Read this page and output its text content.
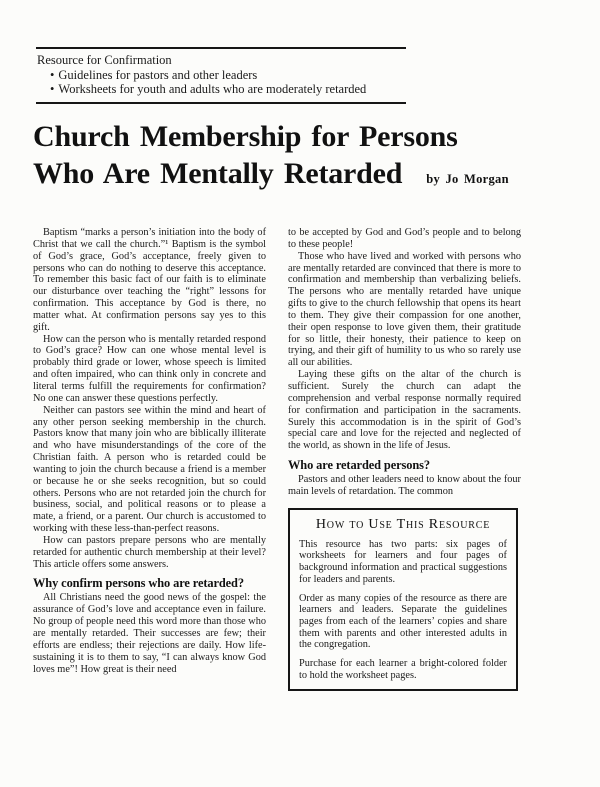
Resource for Confirmation
• Guidelines for pastors and other leaders
• Worksheets for youth and adults who are moderately retarded
Church Membership for Persons
Who Are Mentally Retarded by Jo Morgan

Baptism “marks a person’s initiation into the body of Christ that we call the church.”¹ Baptism is the symbol of God’s grace, God’s acceptance, freely given to persons who can do nothing to deserve this acceptance. To remember this basic fact of our faith is to eliminate our disturbance over teaching the “right” lessons for confirmation. This acceptance by God is there, no matter what. At confirmation persons say yes to this gift.

How can the person who is mentally retarded respond to God’s grace? How can one whose mental level is probably third grade or lower, whose speech is limited and often impaired, who can think only in concrete and literal terms fulfill the requirements for confirmation? No one can answer these questions perfectly.

Neither can pastors see within the mind and heart of any other person seeking membership in the church. Pastors know that many join who are biblically illiterate and who have misunderstandings of the core of the Christian faith. A person who is retarded could be wanting to join the church because a friend is a member or because he or she seeks recognition, but so could others. Persons who are not retarded join the church for business, social, and political reasons or to please a mate, a friend, or a parent. Our church is accustomed to working with these less-than-perfect reasons.

How can pastors prepare persons who are mentally retarded for authentic church membership at their level? This article offers some answers.

Why confirm persons who are retarded?

All Christians need the good news of the gospel: the assurance of God’s love and acceptance even in failure. No group of people need this word more than those who are mentally retarded. Their successes are few; their efforts are endless; their rejections are daily. How life-sustaining it is to them to say, “I can always know God loves me”! How great is their need

to be accepted by God and God’s people and to belong to these people!

Those who have lived and worked with persons who are mentally retarded are convinced that there is more to confirmation and membership than verbalizing beliefs. The persons who are mentally retarded have unique gifts to give to the church fellowship that opens its heart to them. They give their compassion for one another, their open response to love given them, their gratitude for so little, their honesty, their patience to keep on trying, and their gift of humility to us who so rarely use all our abilities.

Laying these gifts on the altar of the church is sufficient. Surely the church can adapt the comprehension and verbal response normally required for confirmation and participation in the sacraments. Surely this accommodation is in the spirit of God’s special care and love for the rejected and neglected of the world, as shown in the life of Jesus.

Who are retarded persons?

Pastors and other leaders need to know about the four main levels of retardation. The common

How to Use This Resource

This resource has two parts: six pages of worksheets for learners and four pages of background information and practical suggestions for leaders and parents.

Order as many copies of the resource as there are learners and leaders. Separate the guidelines pages from each of the learners’ copies and share them with parents and other interested adults in the congregation.

Purchase for each learner a bright-colored folder to hold the worksheet pages.
